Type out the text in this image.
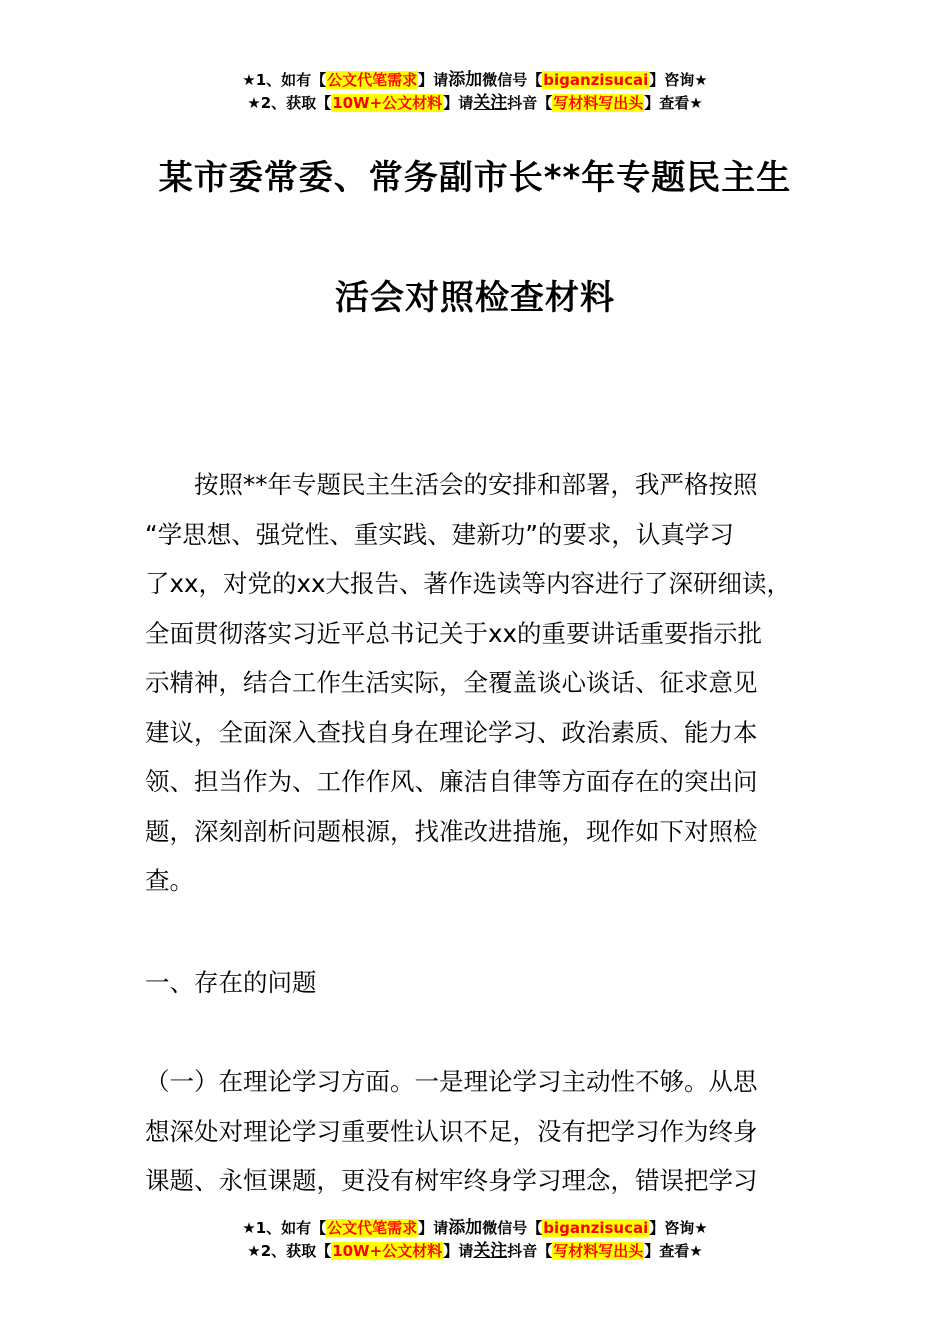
★1、如有【公文代笔需求】请添加微信号【biganzisucai】咨询★
★2、获取【10W+公文材料】请关注抖音【写材料写出头】查看★
某市委常委、常务副市长**年专题民主生
活会对照检查材料
按照**年专题民主生活会的安排和部署，我严格按照
“学思想、强党性、重实践、建新功”的要求，认真学习
了xx，对党的xx大报告、著作选读等内容进行了深研细读，
全面贯彻落实习近平总书记关于xx的重要讲话重要指示批
示精神，结合工作生活实际，全覆盖谈心谈话、征求意见
建议，全面深入查找自身在理论学习、政治素质、能力本
领、担当作为、工作作风、廉洁自律等方面存在的突出问
题，深刻剖析问题根源，找准改进措施，现作如下对照检
查。
一、存在的问题
（一）在理论学习方面。一是理论学习主动性不够。从思
想深处对理论学习重要性认识不足，没有把学习作为终身
课题、永恒课题，更没有树牢终身学习理念，错误把学习
★1、如有【公文代笔需求】请添加微信号【biganzisucai】咨询★
★2、获取【10W+公文材料】请关注抖音【写材料写出头】查看★
